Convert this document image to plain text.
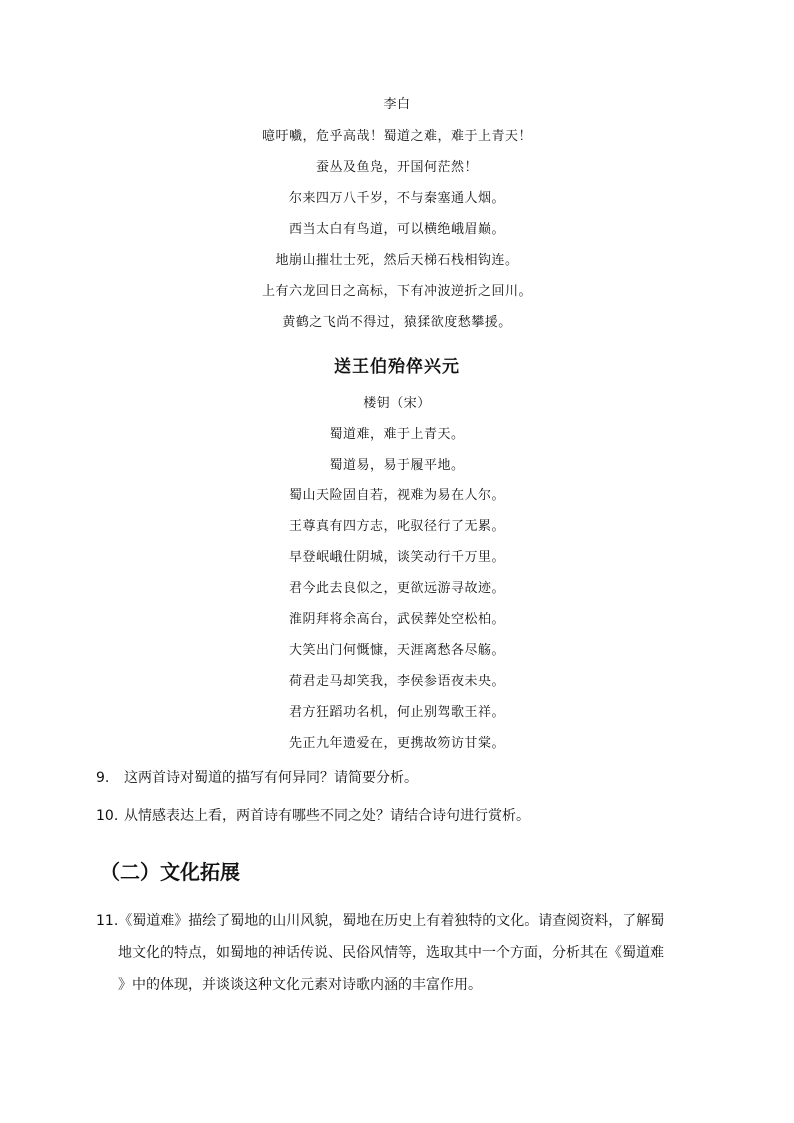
李白
噫吁嚱，危乎高哉！蜀道之难，难于上青天！
蚕丛及鱼凫，开国何茫然！
尔来四万八千岁，不与秦塞通人烟。
西当太白有鸟道，可以横绝峨眉巅。
地崩山摧壮士死，然后天梯石栈相钩连。
上有六龙回日之高标，下有冲波逆折之回川。
黄鹤之飞尚不得过，猿猱欲度愁攀援。
送王伯殆倅兴元
楼钥（宋）
蜀道难，难于上青天。
蜀道易，易于履平地。
蜀山天险固自若，视难为易在人尔。
王尊真有四方志，叱驭径行了无累。
早登岷峨仕阴城，谈笑动行千万里。
君今此去良似之，更欲远游寻故迹。
淮阴拜将余高台，武侯葬处空松柏。
大笑出门何慨慷，天涯离愁各尽觞。
荷君走马却笑我，李侯参语夜未央。
君方狂蹈功名机，何止别驾歌王祥。
先正九年遗爱在，更携故笏访甘棠。
9. 这两首诗对蜀道的描写有何异同？请简要分析。
10. 从情感表达上看，两首诗有哪些不同之处？请结合诗句进行赏析。
（二）文化拓展
11.《蜀道难》描绘了蜀地的山川风貌，蜀地在历史上有着独特的文化。请查阅资料，了解蜀
地文化的特点，如蜀地的神话传说、民俗风情等，选取其中一个方面，分析其在《蜀道难
》中的体现，并谈谈这种文化元素对诗歌内涵的丰富作用。
